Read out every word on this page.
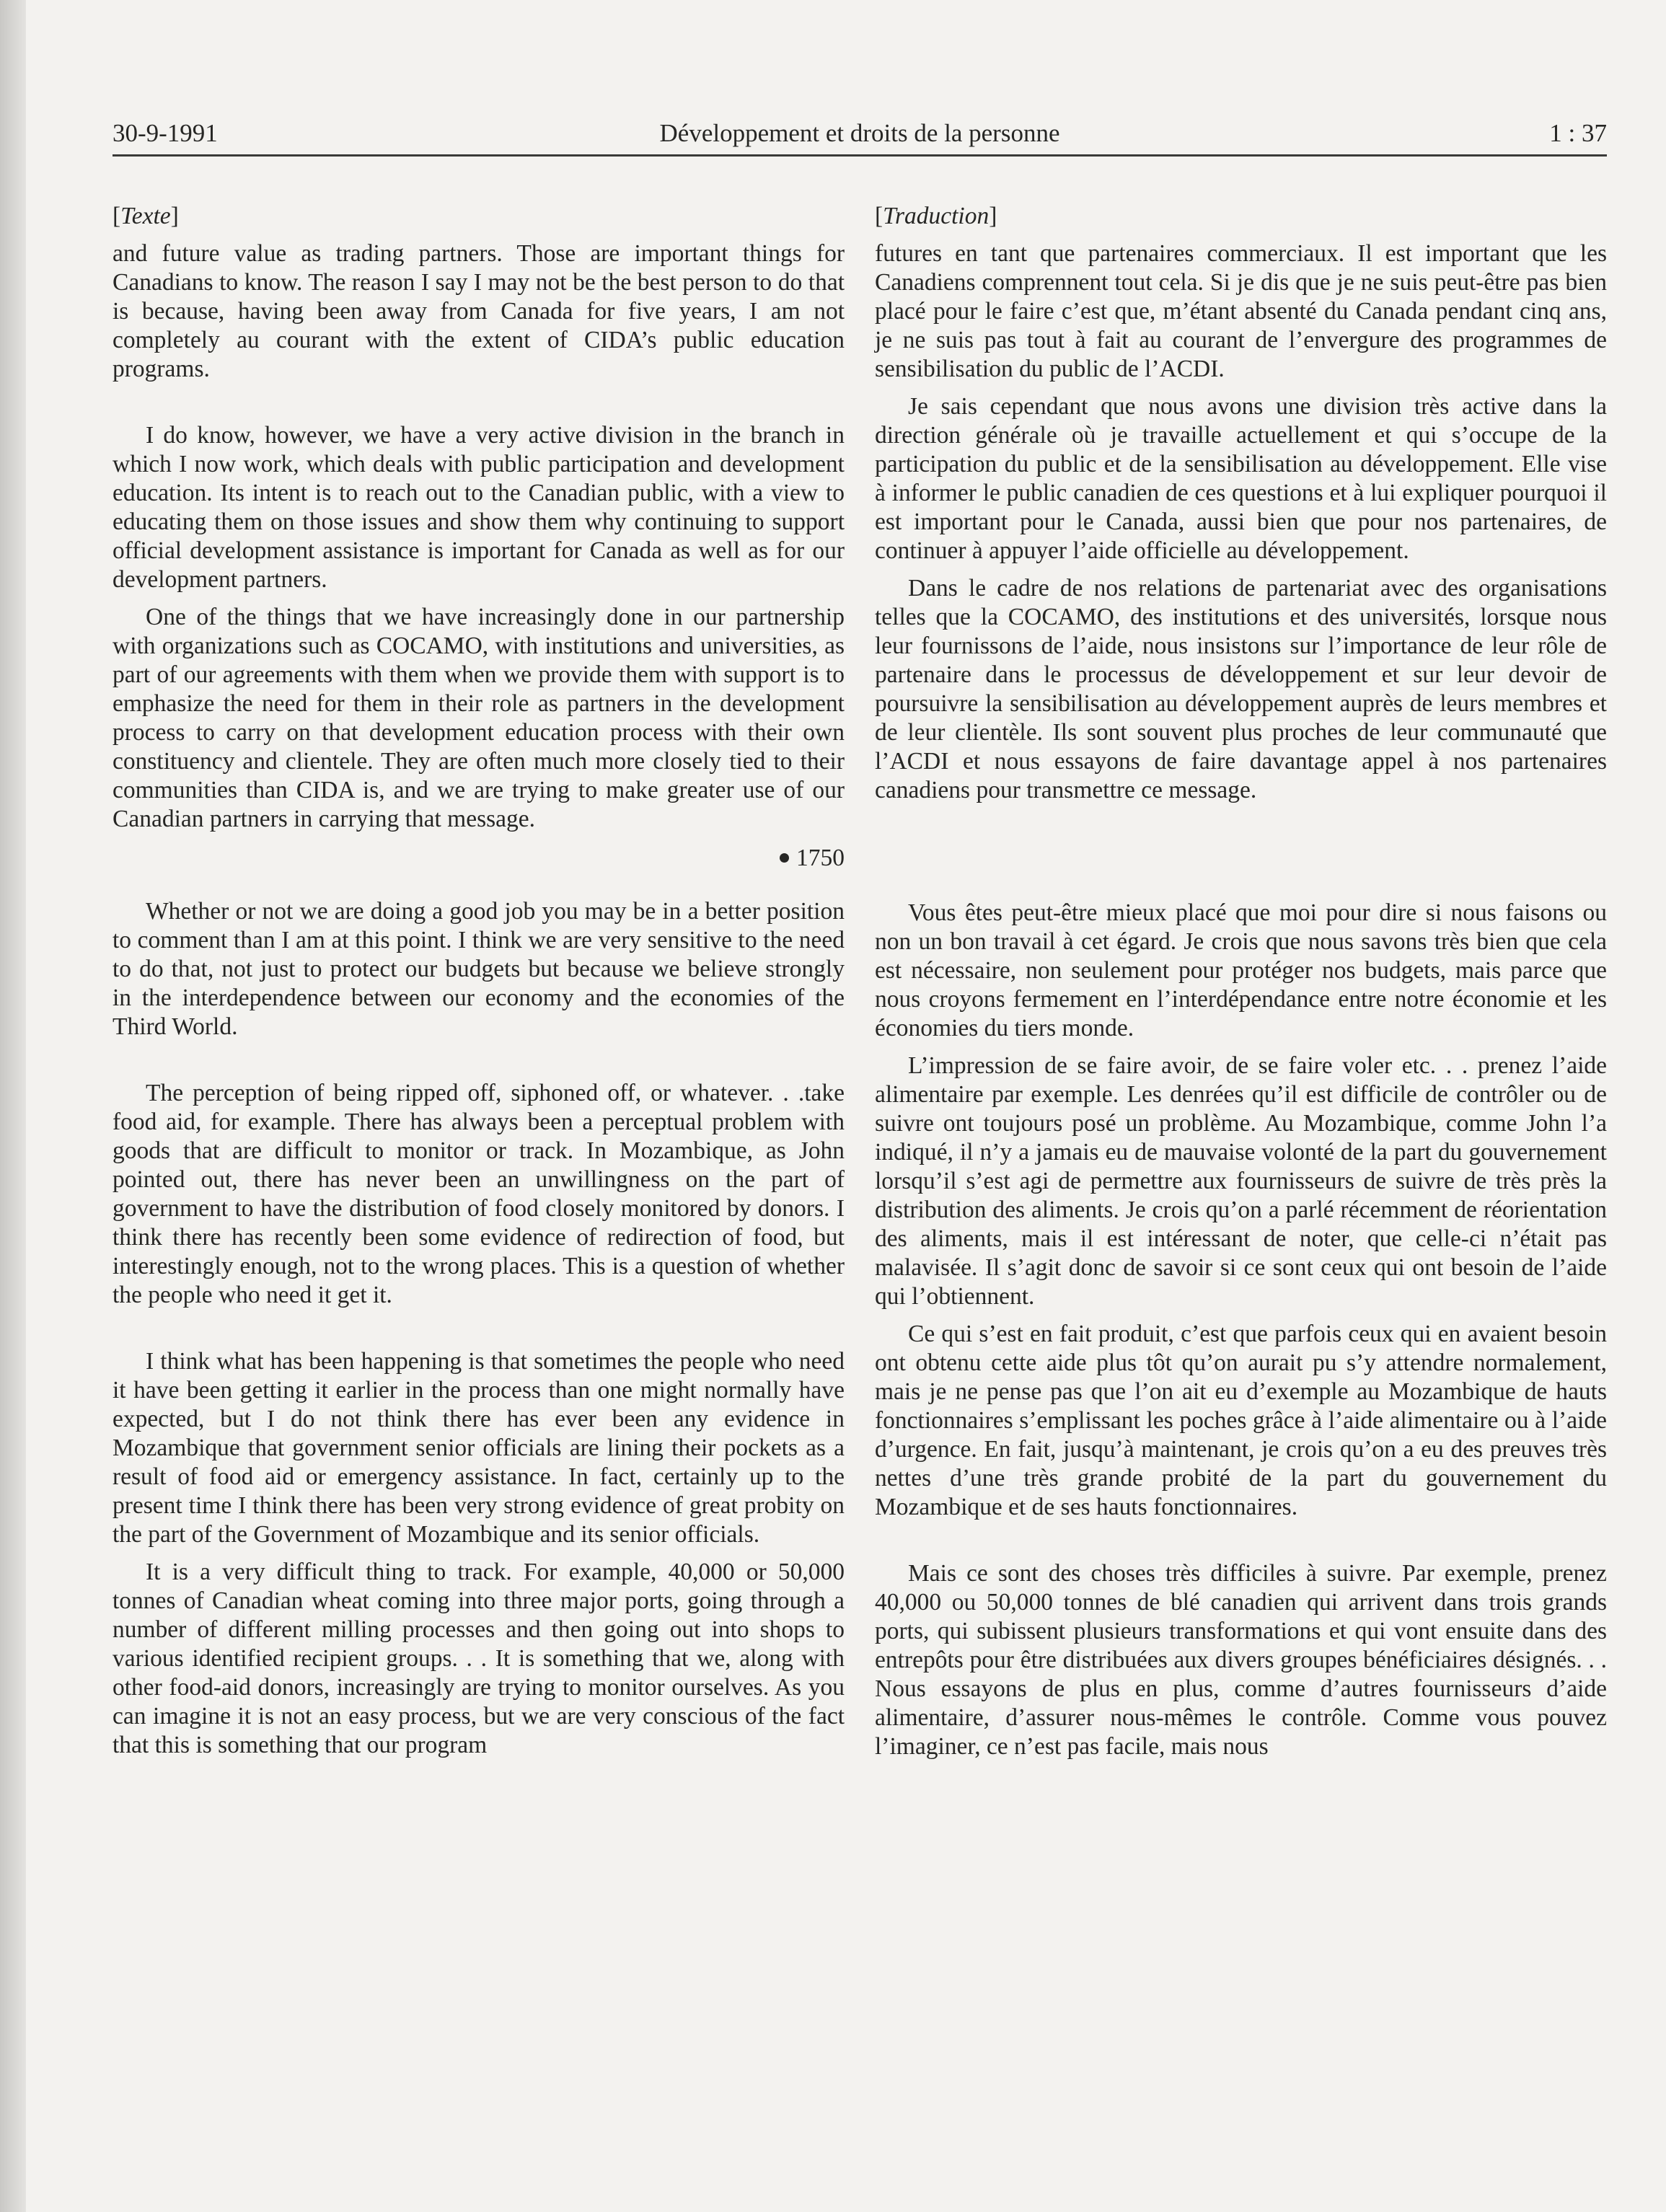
30-9-1991	Développement et droits de la personne	1 : 37
[Texte]

and future value as trading partners. Those are important things for Canadians to know. The reason I say I may not be the best person to do that is because, having been away from Canada for five years, I am not completely au courant with the extent of CIDA’s public education programs.

I do know, however, we have a very active division in the branch in which I now work, which deals with public participation and development education. Its intent is to reach out to the Canadian public, with a view to educating them on those issues and show them why continuing to support official development assistance is important for Canada as well as for our development partners.

One of the things that we have increasingly done in our partnership with organizations such as COCAMO, with institutions and universities, as part of our agreements with them when we provide them with support is to emphasize the need for them in their role as partners in the development process to carry on that development education process with their own constituency and clientele. They are often much more closely tied to their communities than CIDA is, and we are trying to make greater use of our Canadian partners in carrying that message.

1750

Whether or not we are doing a good job you may be in a better position to comment than I am at this point. I think we are very sensitive to the need to do that, not just to protect our budgets but because we believe strongly in the interdependence between our economy and the economies of the Third World.

The perception of being ripped off, siphoned off, or whatever. . .take food aid, for example. There has always been a perceptual problem with goods that are difficult to monitor or track. In Mozambique, as John pointed out, there has never been an unwillingness on the part of government to have the distribution of food closely monitored by donors. I think there has recently been some evidence of redirection of food, but interestingly enough, not to the wrong places. This is a question of whether the people who need it get it.

I think what has been happening is that sometimes the people who need it have been getting it earlier in the process than one might normally have expected, but I do not think there has ever been any evidence in Mozambique that government senior officials are lining their pockets as a result of food aid or emergency assistance. In fact, certainly up to the present time I think there has been very strong evidence of great probity on the part of the Government of Mozambique and its senior officials.

It is a very difficult thing to track. For example, 40,000 or 50,000 tonnes of Canadian wheat coming into three major ports, going through a number of different milling processes and then going out into shops to various identified recipient groups. . . It is something that we, along with other food-aid donors, increasingly are trying to monitor ourselves. As you can imagine it is not an easy process, but we are very conscious of the fact that this is something that our program

[Traduction]

futures en tant que partenaires commerciaux. Il est important que les Canadiens comprennent tout cela. Si je dis que je ne suis peut-être pas bien placé pour le faire c’est que, m’étant absenté du Canada pendant cinq ans, je ne suis pas tout à fait au courant de l’envergure des programmes de sensibilisation du public de l’ACDI.

Je sais cependant que nous avons une division très active dans la direction générale où je travaille actuellement et qui s’occupe de la participation du public et de la sensibilisation au développement. Elle vise à informer le public canadien de ces questions et à lui expliquer pourquoi il est important pour le Canada, aussi bien que pour nos partenaires, de continuer à appuyer l’aide officielle au développement.

Dans le cadre de nos relations de partenariat avec des organisations telles que la COCAMO, des institutions et des universités, lorsque nous leur fournissons de l’aide, nous insistons sur l’importance de leur rôle de partenaire dans le processus de développement et sur leur devoir de poursuivre la sensibilisation au développement auprès de leurs membres et de leur clientèle. Ils sont souvent plus proches de leur communauté que l’ACDI et nous essayons de faire davantage appel à nos partenaires canadiens pour transmettre ce message.

Vous êtes peut-être mieux placé que moi pour dire si nous faisons ou non un bon travail à cet égard. Je crois que nous savons très bien que cela est nécessaire, non seulement pour protéger nos budgets, mais parce que nous croyons fermement en l’interdépendance entre notre économie et les économies du tiers monde.

L’impression de se faire avoir, de se faire voler etc. . . prenez l’aide alimentaire par exemple. Les denrées qu’il est difficile de contrôler ou de suivre ont toujours posé un problème. Au Mozambique, comme John l’a indiqué, il n’y a jamais eu de mauvaise volonté de la part du gouvernement lorsqu’il s’est agi de permettre aux fournisseurs de suivre de très près la distribution des aliments. Je crois qu’on a parlé récemment de réorientation des aliments, mais il est intéressant de noter, que celle-ci n’était pas malavisée. Il s’agit donc de savoir si ce sont ceux qui ont besoin de l’aide qui l’obtiennent.

Ce qui s’est en fait produit, c’est que parfois ceux qui en avaient besoin ont obtenu cette aide plus tôt qu’on aurait pu s’y attendre normalement, mais je ne pense pas que l’on ait eu d’exemple au Mozambique de hauts fonctionnaires s’emplissant les poches grâce à l’aide alimentaire ou à l’aide d’urgence. En fait, jusqu’à maintenant, je crois qu’on a eu des preuves très nettes d’une très grande probité de la part du gouvernement du Mozambique et de ses hauts fonctionnaires.

Mais ce sont des choses très difficiles à suivre. Par exemple, prenez 40,000 ou 50,000 tonnes de blé canadien qui arrivent dans trois grands ports, qui subissent plusieurs transformations et qui vont ensuite dans des entrepôts pour être distribuées aux divers groupes bénéficiaires désignés. . . Nous essayons de plus en plus, comme d’autres fournisseurs d’aide alimentaire, d’assurer nous-mêmes le contrôle. Comme vous pouvez l’imaginer, ce n’est pas facile, mais nous
